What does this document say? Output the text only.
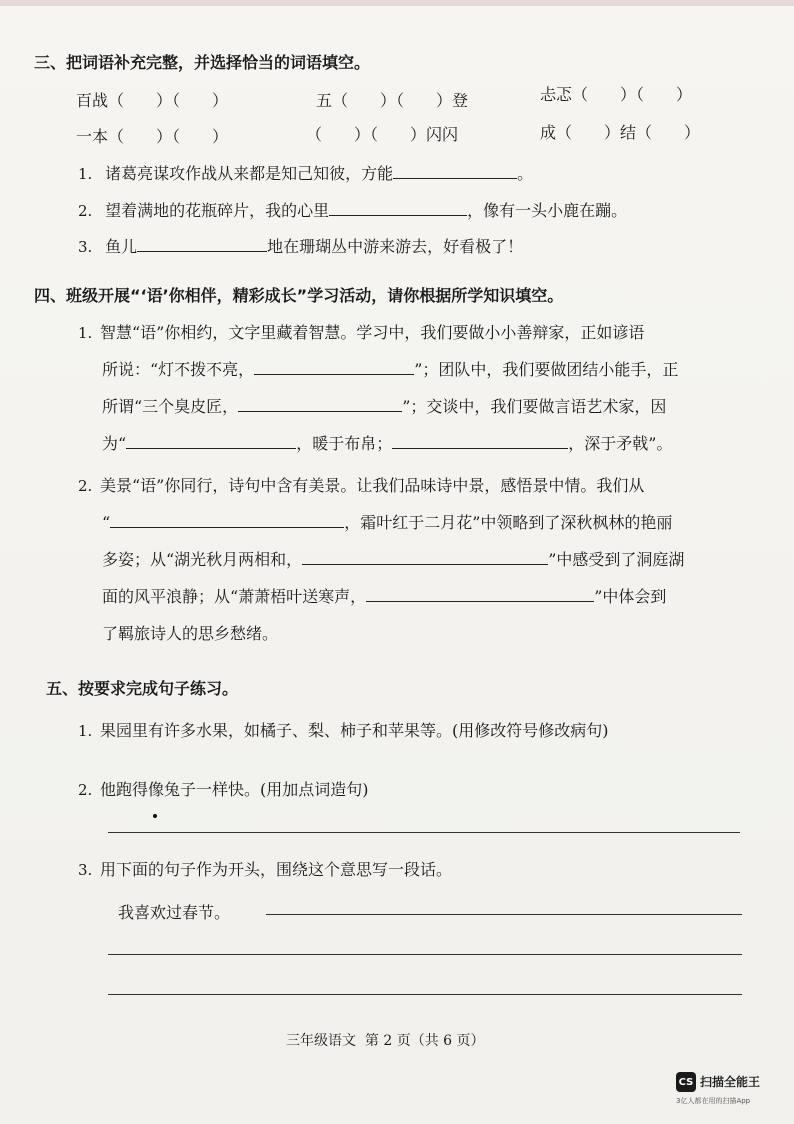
三、把词语补充完整，并选择恰当的词语填空。
百战（　　）（　　）	五（　　）（　　）登	忐忑（　　）（　　）
一本（　　）（　　）	（　　）（　　）闪闪	成（　　）结（　　）
1. 诸葛亮谋攻作战从来都是知己知彼，方能	。
2. 望着满地的花瓶碎片，我的心里	，像有一头小鹿在蹦。
3. 鱼儿	地在珊瑚丛中游来游去，好看极了！
四、班级开展“‘语’你相伴，精彩成长”学习活动，请你根据所学知识填空。
1. 智慧“语”你相约，文字里藏着智慧。学习中，我们要做小小善辩家，正如谚语
所说：“灯不拨不亮，	”；团队中，我们要做团结小能手，正
所谓“三个臭皮匠，	”；交谈中，我们要做言语艺术家，因
为“	，暖于布帛；	，深于矛戟”。
2. 美景“语”你同行，诗句中含有美景。让我们品味诗中景，感悟景中情。我们从
“	，霜叶红于二月花”中领略到了深秋枫林的艳丽
多姿；从“湖光秋月两相和，	”中感受到了洞庭湖
面的风平浪静；从“萧萧梧叶送寒声，	”中体会到
了羁旅诗人的思乡愁绪。
五、按要求完成句子练习。
1. 果园里有许多水果，如橘子、梨、柿子和苹果等。(用修改符号修改病句)
2. 他跑得像兔子一样快。(用加点词造句)
3. 用下面的句子作为开头，围绕这个意思写一段话。
我喜欢过春节。
三年级语文 第 2 页（共 6 页）
CS 扫描全能王
3亿人都在用的扫描App
